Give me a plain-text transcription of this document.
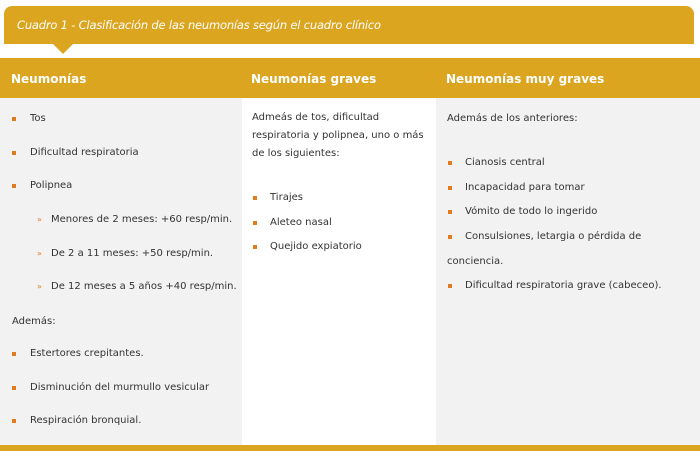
Cuadro 1 - Clasificación de las neumonías según el cuadro clínico
Neumonías	Neumonías graves	Neumonías muy graves
Tos
Dificultad respiratoria
Polipnea
» Menores de 2 meses: +60 resp/min.
» De 2 a 11 meses: +50 resp/min.
» De 12 meses a 5 años +40 resp/min.
Además:
Estertores crepitantes.
Disminución del murmullo vesicular
Respiración bronquial.
Admeás de tos, dificultad
respiratoria y polipnea, uno o más
de los siguientes:
Tirajes
Aleteo nasal
Quejido expiatorio
Además de los anteriores:
Cianosis central
Incapacidad para tomar
Vómito de todo lo ingerido
Consulsiones, letargia o pérdida de
conciencia.
Dificultad respiratoria grave (cabeceo).
